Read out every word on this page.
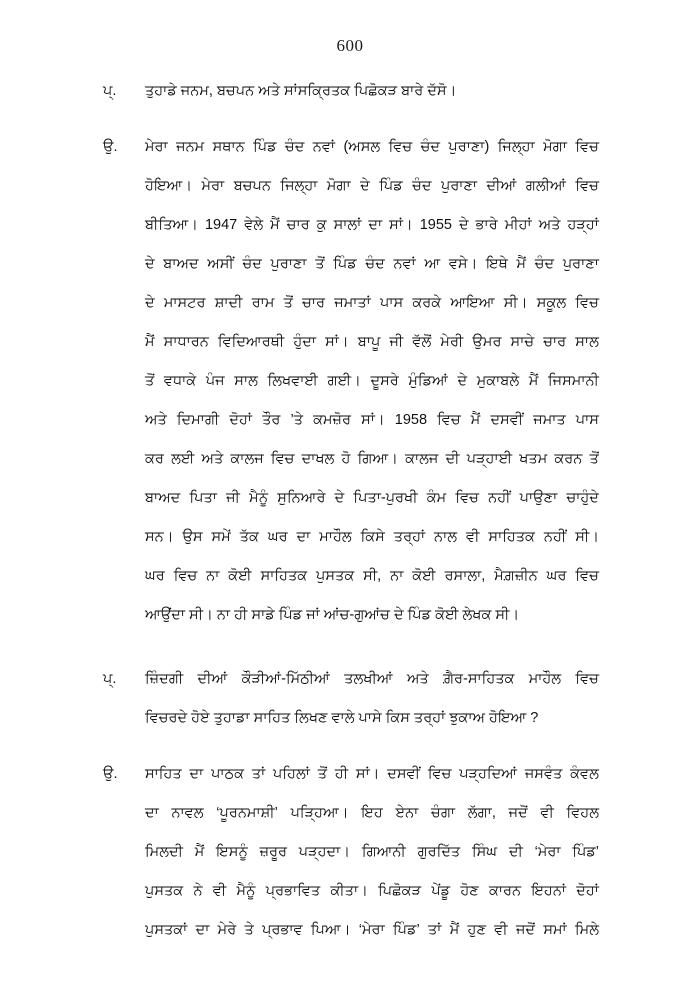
600
ਪ੍.	ਤੁਹਾਡੇ ਜਨਮ, ਬਚਪਨ ਅਤੇ ਸਾਂਸਕ੍ਰਿਤਕ ਪਿਛੋਕੜ ਬਾਰੇ ਦੱਸੋ।
ਉ.	ਮੇਰਾ ਜਨਮ ਸਥਾਨ ਪਿੰਡ ਚੰਦ ਨਵਾਂ (ਅਸਲ ਵਿਚ ਚੰਦ ਪੁਰਾਣਾ) ਜਿਲ੍ਹਾ ਮੋਗਾ ਵਿਚ
ਹੋਇਆ। ਮੇਰਾ ਬਚਪਨ ਜਿਲ੍ਹਾ ਮੋਗਾ ਦੇ ਪਿੰਡ ਚੰਦ ਪੁਰਾਣਾ ਦੀਆਂ ਗਲੀਆਂ ਵਿਚ
ਬੀਤਿਆ। 1947 ਵੇਲੇ ਮੈਂ ਚਾਰ ਕੁ ਸਾਲਾਂ ਦਾ ਸਾਂ। 1955 ਦੇ ਭਾਰੇ ਮੀਹਾਂ ਅਤੇ ਹੜ੍ਹਾਂ
ਦੇ ਬਾਅਦ ਅਸੀਂ ਚੰਦ ਪੁਰਾਣਾ ਤੋਂ ਪਿੰਡ ਚੰਦ ਨਵਾਂ ਆ ਵਸੇ। ਇਥੇ ਮੈਂ ਚੰਦ ਪੁਰਾਣਾ
ਦੇ ਮਾਸਟਰ ਸ਼ਾਦੀ ਰਾਮ ਤੋਂ ਚਾਰ ਜਮਾਤਾਂ ਪਾਸ ਕਰਕੇ ਆਇਆ ਸੀ। ਸਕੂਲ ਵਿਚ
ਮੈਂ ਸਾਧਾਰਨ ਵਿਦਿਆਰਥੀ ਹੁੰਦਾ ਸਾਂ। ਬਾਪੂ ਜੀ ਵੱਲੋਂ ਮੇਰੀ ਉਮਰ ਸਾਚੇ ਚਾਰ ਸਾਲ
ਤੋਂ ਵਧਾਕੇ ਪੰਜ ਸਾਲ ਲਿਖਵਾਈ ਗਈ। ਦੂਸਰੇ ਮੁੰਡਿਆਂ ਦੇ ਮੁਕਾਬਲੇ ਮੈਂ ਜਿਸਮਾਨੀ
ਅਤੇ ਦਿਮਾਗੀ ਦੋਹਾਂ ਤੌਰ ’ਤੇ ਕਮਜ਼ੋਰ ਸਾਂ। 1958 ਵਿਚ ਮੈਂ ਦਸਵੀਂ ਜਮਾਤ ਪਾਸ
ਕਰ ਲਈ ਅਤੇ ਕਾਲਜ ਵਿਚ ਦਾਖਲ ਹੋ ਗਿਆ। ਕਾਲਜ ਦੀ ਪੜ੍ਹਾਈ ਖਤਮ ਕਰਨ ਤੋਂ
ਬਾਅਦ ਪਿਤਾ ਜੀ ਮੈਨੂੰ ਸੁਨਿਆਰੇ ਦੇ ਪਿਤਾ-ਪੁਰਖੀ ਕੰਮ ਵਿਚ ਨਹੀਂ ਪਾਉਣਾ ਚਾਹੁੰਦੇ
ਸਨ। ਉਸ ਸਮੇਂ ਤੱਕ ਘਰ ਦਾ ਮਾਹੌਲ ਕਿਸੇ ਤਰ੍ਹਾਂ ਨਾਲ ਵੀ ਸਾਹਿਤਕ ਨਹੀਂ ਸੀ।
ਘਰ ਵਿਚ ਨਾ ਕੋਈ ਸਾਹਿਤਕ ਪੁਸਤਕ ਸੀ, ਨਾ ਕੋਈ ਰਸਾਲਾ, ਮੈਗ਼ਜ਼ੀਨ ਘਰ ਵਿਚ
ਆਉਂਦਾ ਸੀ। ਨਾ ਹੀ ਸਾਡੇ ਪਿੰਡ ਜਾਂ ਆਂਚ-ਗੁਆਂਚ ਦੇ ਪਿੰਡ ਕੋਈ ਲੇਖਕ ਸੀ।
ਪ੍.	ਜ਼ਿੰਦਗੀ ਦੀਆਂ ਕੌੜੀਆਂ-ਮਿੱਠੀਆਂ ਤਲਖੀਆਂ ਅਤੇ ਗ਼ੈਰ-ਸਾਹਿਤਕ ਮਾਹੌਲ ਵਿਚ
ਵਿਚਰਦੇ ਹੋਏ ਤੁਹਾਡਾ ਸਾਹਿਤ ਲਿਖਣ ਵਾਲੇ ਪਾਸੇ ਕਿਸ ਤਰ੍ਹਾਂ ਝੁਕਾਅ ਹੋਇਆ ?
ਉ.	ਸਾਹਿਤ ਦਾ ਪਾਠਕ ਤਾਂ ਪਹਿਲਾਂ ਤੋਂ ਹੀ ਸਾਂ। ਦਸਵੀਂ ਵਿਚ ਪੜ੍ਹਦਿਆਂ ਜਸਵੰਤ ਕੰਵਲ
ਦਾ ਨਾਵਲ ‘ਪੂਰਨਮਾਸ਼ੀ’ ਪੜ੍ਹਿਆ। ਇਹ ਏਨਾ ਚੰਗਾ ਲੱਗਾ, ਜਦੋਂ ਵੀ ਵਿਹਲ
ਮਿਲਦੀ ਮੈਂ ਇਸਨੂੰ ਜ਼ਰੂਰ ਪੜ੍ਹਦਾ। ਗਿਆਨੀ ਗੁਰਦਿੱਤ ਸਿੰਘ ਦੀ ‘ਮੇਰਾ ਪਿੰਡ’
ਪੁਸਤਕ ਨੇ ਵੀ ਮੈਨੂੰ ਪ੍ਰਭਾਵਿਤ ਕੀਤਾ। ਪਿਛੋਕੜ ਪੇਂਡੂ ਹੋਣ ਕਾਰਨ ਇਹਨਾਂ ਦੋਹਾਂ
ਪੁਸਤਕਾਂ ਦਾ ਮੇਰੇ ਤੇ ਪ੍ਰਭਾਵ ਪਿਆ। ‘ਮੇਰਾ ਪਿੰਡ’ ਤਾਂ ਮੈਂ ਹੁਣ ਵੀ ਜਦੋਂ ਸਮਾਂ ਮਿਲੇ
